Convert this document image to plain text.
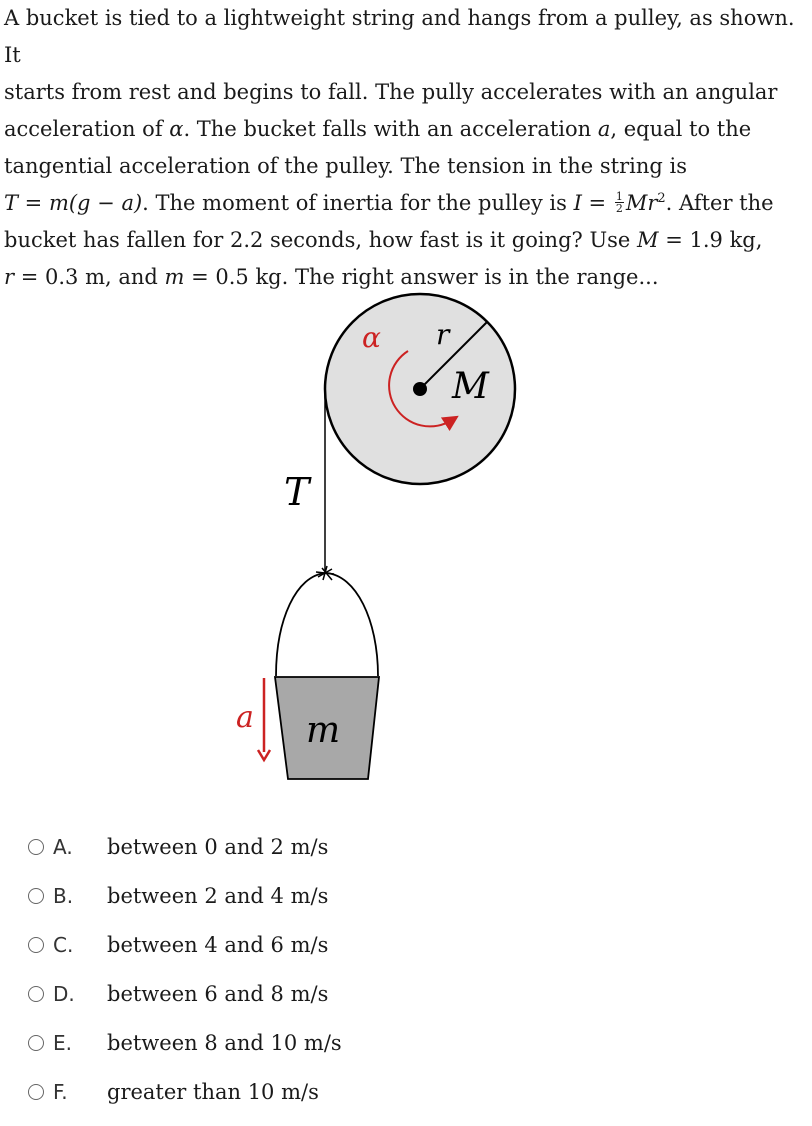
A bucket is tied to a lightweight string and hangs from a pulley, as shown. It

starts from rest and begins to fall. The pully accelerates with an angular

acceleration of α. The bucket falls with an acceleration a, equal to the

tangential acceleration of the pulley. The tension in the string is

T = m(g − a). The moment of inertia for the pulley is $I = \frac{1}{2} Mr^2$. After the

bucket has fallen for 2.2 seconds, how fast is it going? Use M = 1.9 kg,

r = 0.3 m, and m = 0.5 kg. The right answer is in the range...

α r
M
T
m
a
A.	between 0 and 2 m/s
B.	between 2 and 4 m/s
C.	between 4 and 6 m/s
D.	between 6 and 8 m/s
E.	between 8 and 10 m/s
F.	greater than 10 m/s
